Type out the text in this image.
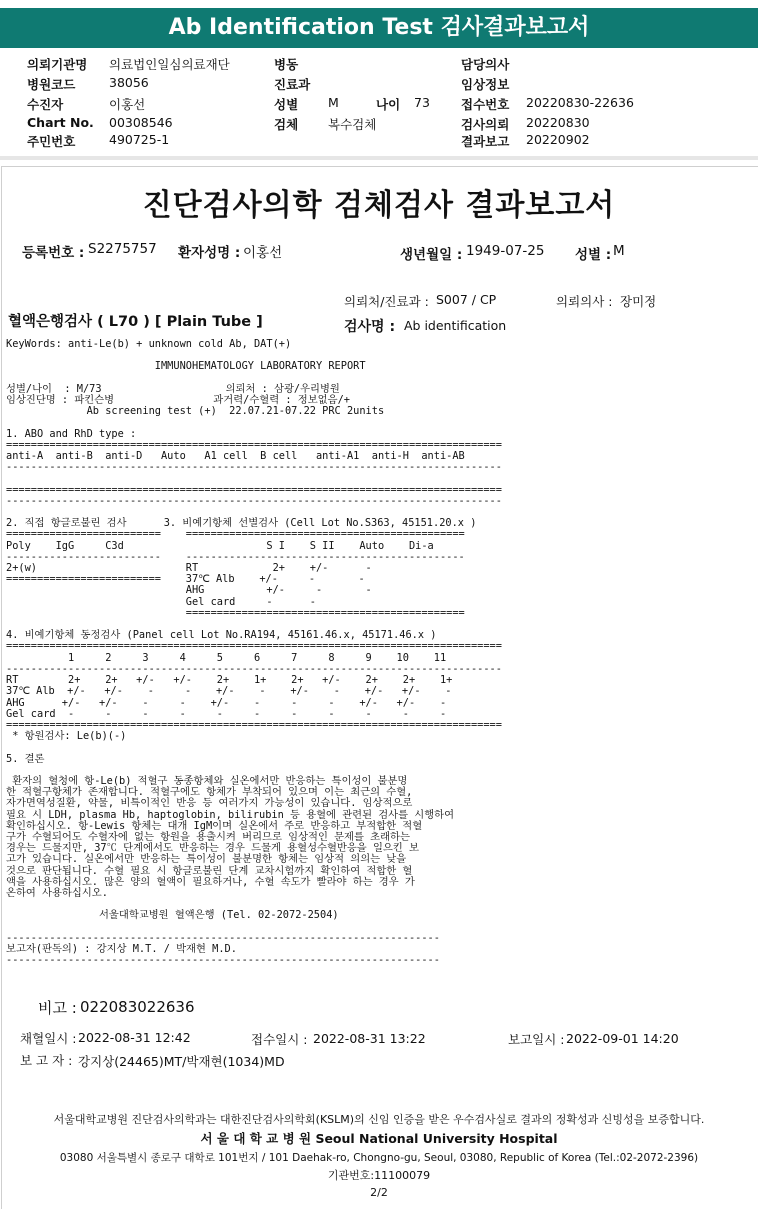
Ab Identification Test 검사결과보고서
의뢰기관명 의료법인일심의료재단
병원코드	38056
수진자	이홍선
Chart No. 00308546
주민번호	490725-1
병동
진료과
성별 M	나이 73
검체 복수검체
담당의사
임상정보
접수번호 20220830-22636
검사의뢰 20220830
결과보고 20220902
진단검사의학 검체검사 결과보고서
등록번호 : S2275757 환자성명 : 이홍선	생년월일 : 1949-07-25 성별 : M
의뢰처/진료과 : S007 / CP	의뢰의사 : 장미정
혈액은행검사 ( L70 ) [ Plain Tube ]	검사명 : Ab identification
KeyWords: anti-Le(b) + unknown cold Ab, DAT(+)

IMMUNOHEMATOLOGY LABORATORY REPORT

성별/나이  : M/73                    의뢰처 : 삼광/우리병원
임상진단명 : 파킨슨병                과거력/수혈력 : 정보없음/+
Ab screening test (+)  22.07.21-07.22 PRC 2units

1. ABO and RhD type :
================================================================================
anti-A  anti-B  anti-D   Auto   A1 cell  B cell   anti-A1  anti-H  anti-AB
--------------------------------------------------------------------------------

================================================================================
--------------------------------------------------------------------------------

2. 직접 항글로불린 검사      3. 비예기항체 선별검사 (Cell Lot No.S363, 45151.20.x )
=========================    =============================================
Poly    IgG     C3d                       S I    S II    Auto    Di-a
-------------------------    ---------------------------------------------
2+(w)                        RT            2+    +/-      -
=========================    37℃ Alb    +/-     -       -
AHG          +/-     -       -
Gel card     -      -
=============================================

4. 비예기항체 동정검사 (Panel cell Lot No.RA194, 45161.46.x, 45171.46.x )
================================================================================
1     2     3     4     5     6     7     8     9    10    11
--------------------------------------------------------------------------------
RT        2+    2+   +/-   +/-    2+    1+    2+   +/-    2+    2+    1+
37℃ Alb  +/-   +/-    -     -    +/-    -    +/-    -    +/-   +/-    -
AHG      +/-   +/-    -     -    +/-    -     -     -    +/-   +/-    -
Gel card  -     -     -     -     -     -     -     -     -     -     -
================================================================================
* 항원검사: Le(b)(-)

5. 결론

환자의 혈청에 항-Le(b) 적혈구 동종항체와 실온에서만 반응하는 특이성이 불분명
한 적혈구항체가 존재합니다. 적혈구에도 항체가 부착되어 있으며 이는 최근의 수혈,
자가면역성질환, 약물, 비특이적인 반응 등 여러가지 가능성이 있습니다. 임상적으로
필요 시 LDH, plasma Hb, haptoglobin, bilirubin 등 용혈에 관련된 검사를 시행하여
확인하십시오. 항-Lewis 항체는 대개 IgM이며 실온에서 주로 반응하고 부적합한 적혈
구가 수혈되어도 수혈자에 없는 항원을 용출시켜 버리므로 임상적인 문제를 초래하는
경우는 드물지만, 37℃ 단계에서도 반응하는 경우 드물게 용혈성수혈반응을 일으킨 보
고가 있습니다. 실온에서만 반응하는 특이성이 불분명한 항체는 임상적 의의는 낮을
것으로 판단됩니다. 수혈 필요 시 항글로불린 단계 교차시험까지 확인하여 적합한 혈
액을 사용하십시오. 많은 양의 혈액이 필요하거나, 수혈 속도가 빨라야 하는 경우 가
온하여 사용하십시오.

서울대학교병원 혈액은행 (Tel. 02-2072-2504)

----------------------------------------------------------------------
보고자(판독의) : 강지상 M.T. / 박재현 M.D.
----------------------------------------------------------------------
비고 : 022083022636
채혈일시 : 2022-08-31 12:42	접수일시 : 2022-08-31 13:22	보고일시 : 2022-09-01 14:20
보 고 자 : 강지상(24465)MT/박재현(1034)MD
서울대학교병원 진단검사의학과는 대한진단검사의학회(KSLM)의 신임 인증을 받은 우수검사실로 결과의 정확성과 신빙성을 보증합니다.
서 울 대 학 교 병 원 Seoul National University Hospital
03080 서울특별시 종로구 대학로 101번지 / 101 Daehak-ro, Chongno-gu, Seoul, 03080, Republic of Korea (Tel.:02-2072-2396)
기관번호:11100079
2/2
